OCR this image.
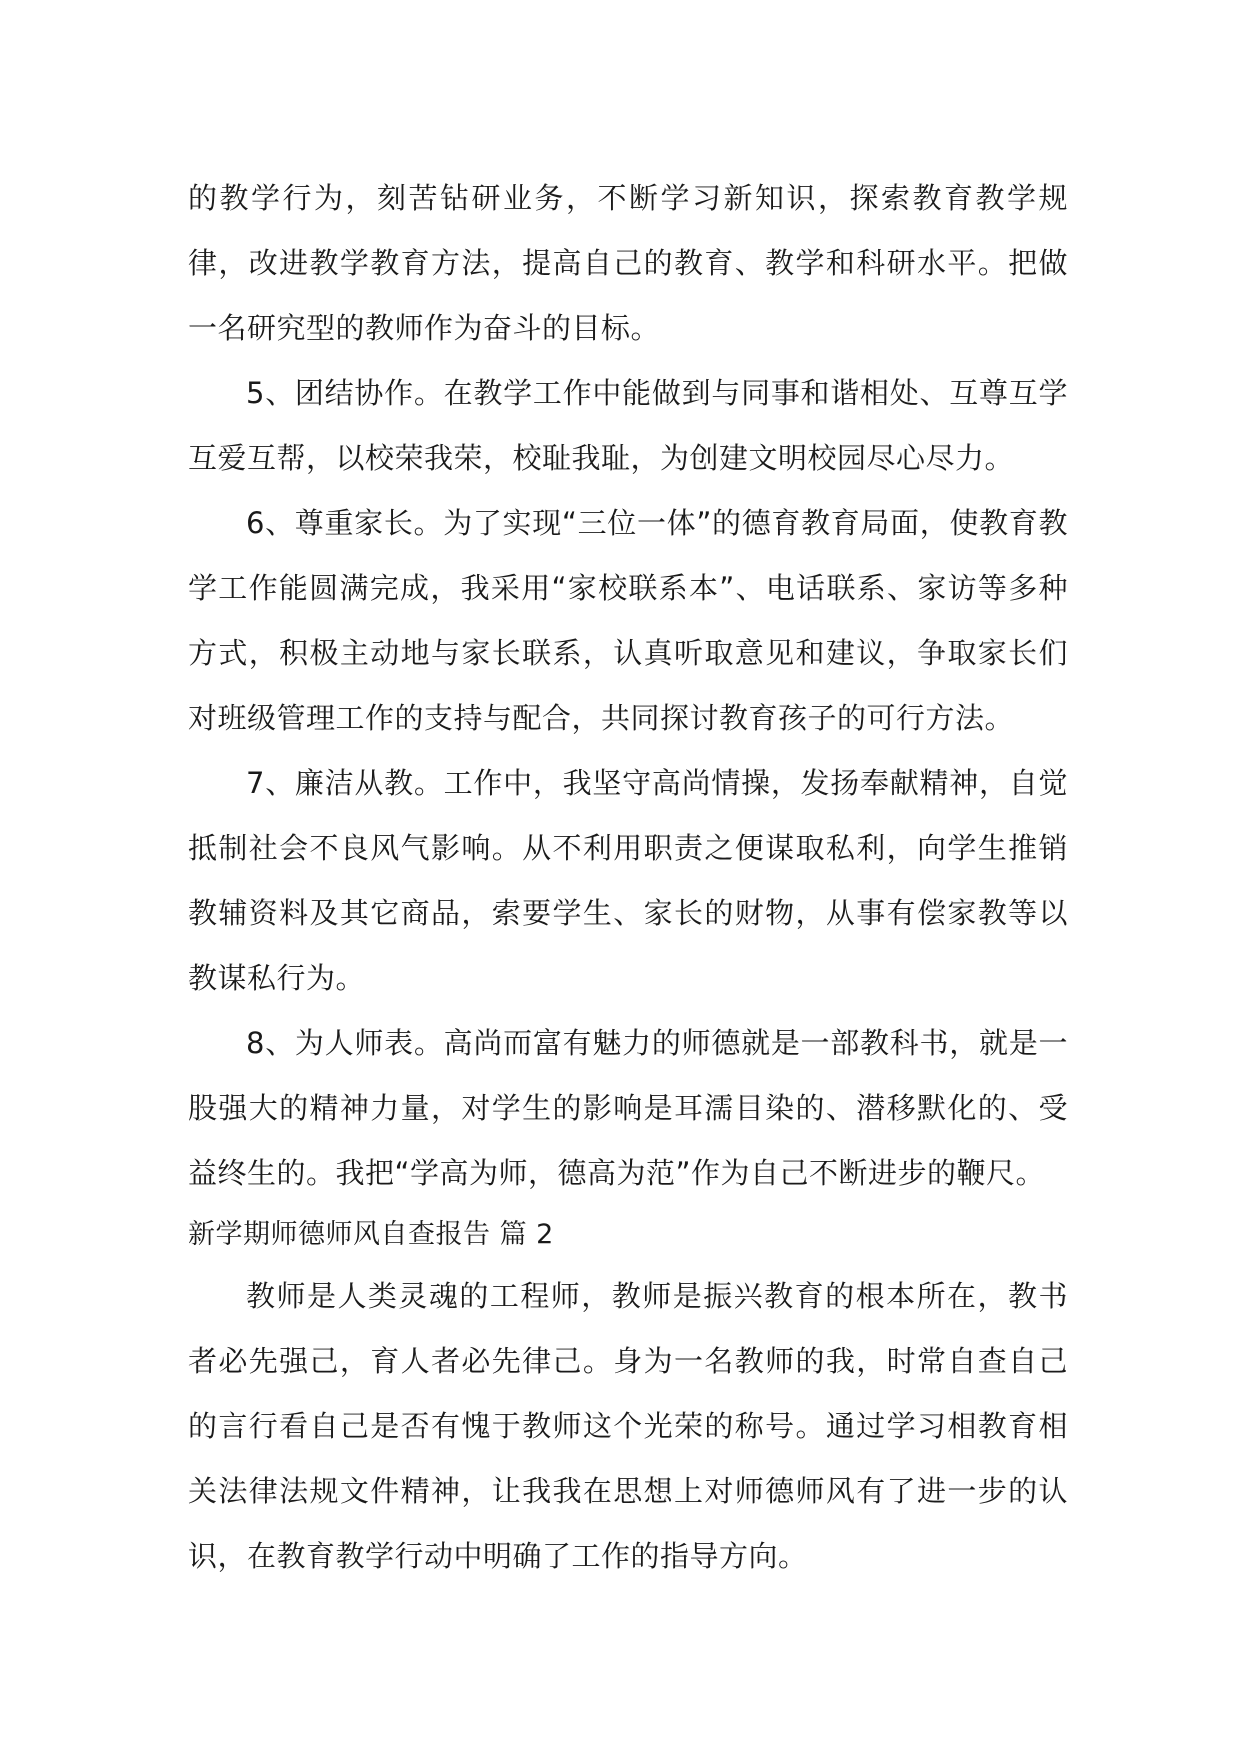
的教学行为，刻苦钻研业务，不断学习新知识，探索教育教学规律，改进教学教育方法，提高自己的教育、教学和科研水平。把做一名研究型的教师作为奋斗的目标。

5、团结协作。在教学工作中能做到与同事和谐相处、互尊互学互爱互帮，以校荣我荣，校耻我耻，为创建文明校园尽心尽力。

6、尊重家长。为了实现“三位一体”的德育教育局面，使教育教学工作能圆满完成，我采用“家校联系本”、电话联系、家访等多种方式，积极主动地与家长联系，认真听取意见和建议，争取家长们对班级管理工作的支持与配合，共同探讨教育孩子的可行方法。

7、廉洁从教。工作中，我坚守高尚情操，发扬奉献精神，自觉抵制社会不良风气影响。从不利用职责之便谋取私利，向学生推销教辅资料及其它商品，索要学生、家长的财物，从事有偿家教等以教谋私行为。

8、为人师表。高尚而富有魅力的师德就是一部教科书，就是一股强大的精神力量，对学生的影响是耳濡目染的、潜移默化的、受益终生的。我把“学高为师，德高为范”作为自己不断进步的鞭尺。

新学期师德师风自查报告 篇 2

教师是人类灵魂的工程师，教师是振兴教育的根本所在，教书者必先强己，育人者必先律己。身为一名教师的我，时常自查自己的言行看自己是否有愧于教师这个光荣的称号。通过学习相教育相关法律法规文件精神，让我我在思想上对师德师风有了进一步的认识，在教育教学行动中明确了工作的指导方向。
